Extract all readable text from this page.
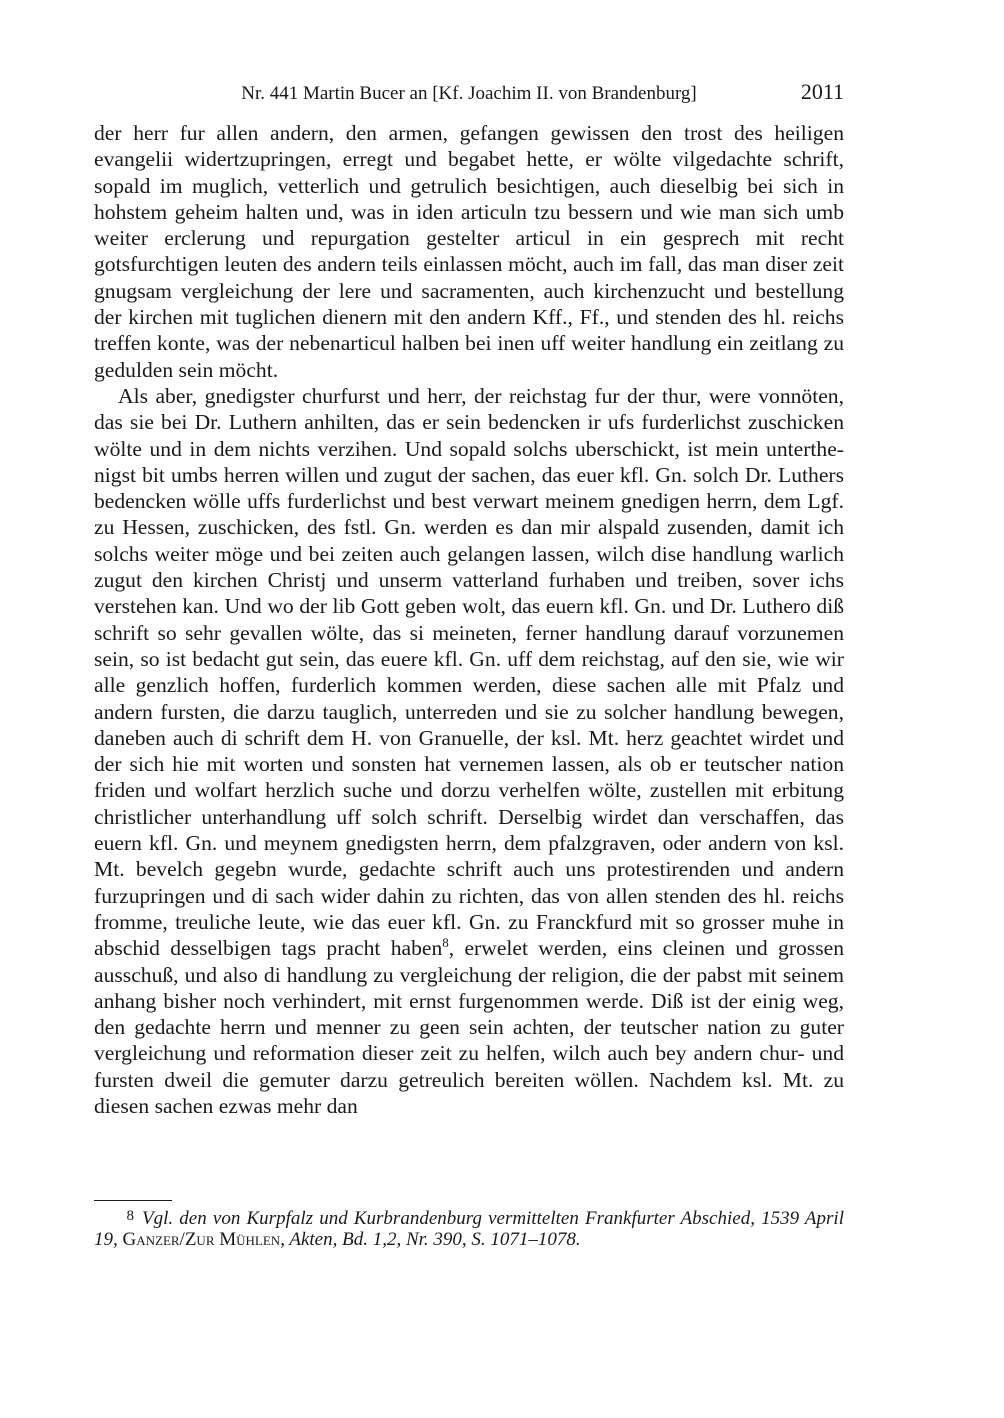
Nr. 441 Martin Bucer an [Kf. Joachim II. von Brandenburg]	2011

der herr fur allen andern, den armen, gefangen gewissen den trost des heiligen evangelii widertzupringen, erregt und begabet hette, er wölte vilgedachte schrift, sopald im muglich, vetterlich und getrulich besichtigen, auch dieselbig bei sich in hohstem geheim halten und, was in iden articuln tzu bessern und wie man sich umb weiter erclerung und repurgation gestelter articul in ein gesprech mit recht gotsfurchtigen leuten des andern teils einlassen möcht, auch im fall, das man diser zeit gnugsam vergleichung der lere und sacramenten, auch kirchenzucht und bestellung der kirchen mit tuglichen dienern mit den andern Kff., Ff., und stenden des hl. reichs treffen konte, was der nebenarticul halben bei inen uff weiter handlung ein zeitlang zu gedulden sein möcht.

Als aber, gnedigster churfurst und herr, der reichstag fur der thur, were vonnöten, das sie bei Dr. Luthern anhilten, das er sein bedencken ir ufs furderlichst zuschicken wölte und in dem nichts verzihen. Und sopald solchs uberschickt, ist mein unterthenigst bit umbs herren willen und zugut der sachen, das euer kfl. Gn. solch Dr. Luthers bedencken wölle uffs furderlichst und best verwart meinem gnedigen herrn, dem Lgf. zu Hessen, zuschicken, des fstl. Gn. werden es dan mir alspald zusenden, damit ich solchs weiter möge und bei zeiten auch gelangen lassen, wilch dise handlung warlich zugut den kirchen Christj und unserm vatterland furhaben und treiben, sover ichs verstehen kan. Und wo der lib Gott geben wolt, das euern kfl. Gn. und Dr. Luthero diß schrift so sehr gevallen wölte, das si meineten, ferner handlung darauf vorzunemen sein, so ist bedacht gut sein, das euere kfl. Gn. uff dem reichstag, auf den sie, wie wir alle genzlich hoffen, furderlich kommen werden, diese sachen alle mit Pfalz und andern fursten, die darzu tauglich, unterreden und sie zu solcher handlung bewegen, daneben auch di schrift dem H. von Granuelle, der ksl. Mt. herz geachtet wirdet und der sich hie mit worten und sonsten hat vernemen lassen, als ob er teutscher nation friden und wolfart herzlich suche und dorzu verhelfen wölte, zustellen mit erbitung christlicher unterhandlung uff solch schrift. Derselbig wirdet dan verschaffen, das euern kfl. Gn. und meynem gnedigsten herrn, dem pfalzgraven, oder andern von ksl. Mt. bevelch gegebn wurde, gedachte schrift auch uns protestirenden und andern furzupringen und di sach wider dahin zu richten, das von allen stenden des hl. reichs fromme, treuliche leute, wie das euer kfl. Gn. zu Franckfurd mit so grosser muhe in abschid desselbigen tags pracht haben$^8$, erwelet werden, eins cleinen und grossen ausschuß, und also di handlung zu vergleichung der religion, die der pabst mit seinem anhang bisher noch verhindert, mit ernst furgenommen werde. Diß ist der einig weg, den gedachte herrn und menner zu geen sein achten, der teutscher nation zu guter vergleichung und reformation dieser zeit zu helfen, wilch auch bey andern chur- und fursten dweil die gemuter darzu getreulich bereiten wöllen. Nachdem ksl. Mt. zu diesen sachen ezwas mehr dan

8 Vgl. den von Kurpfalz und Kurbrandenburg vermittelten Frankfurter Abschied, 1539 April 19, Ganzer/Zur Mühlen, Akten, Bd. 1,2, Nr. 390, S. 1071–1078.
